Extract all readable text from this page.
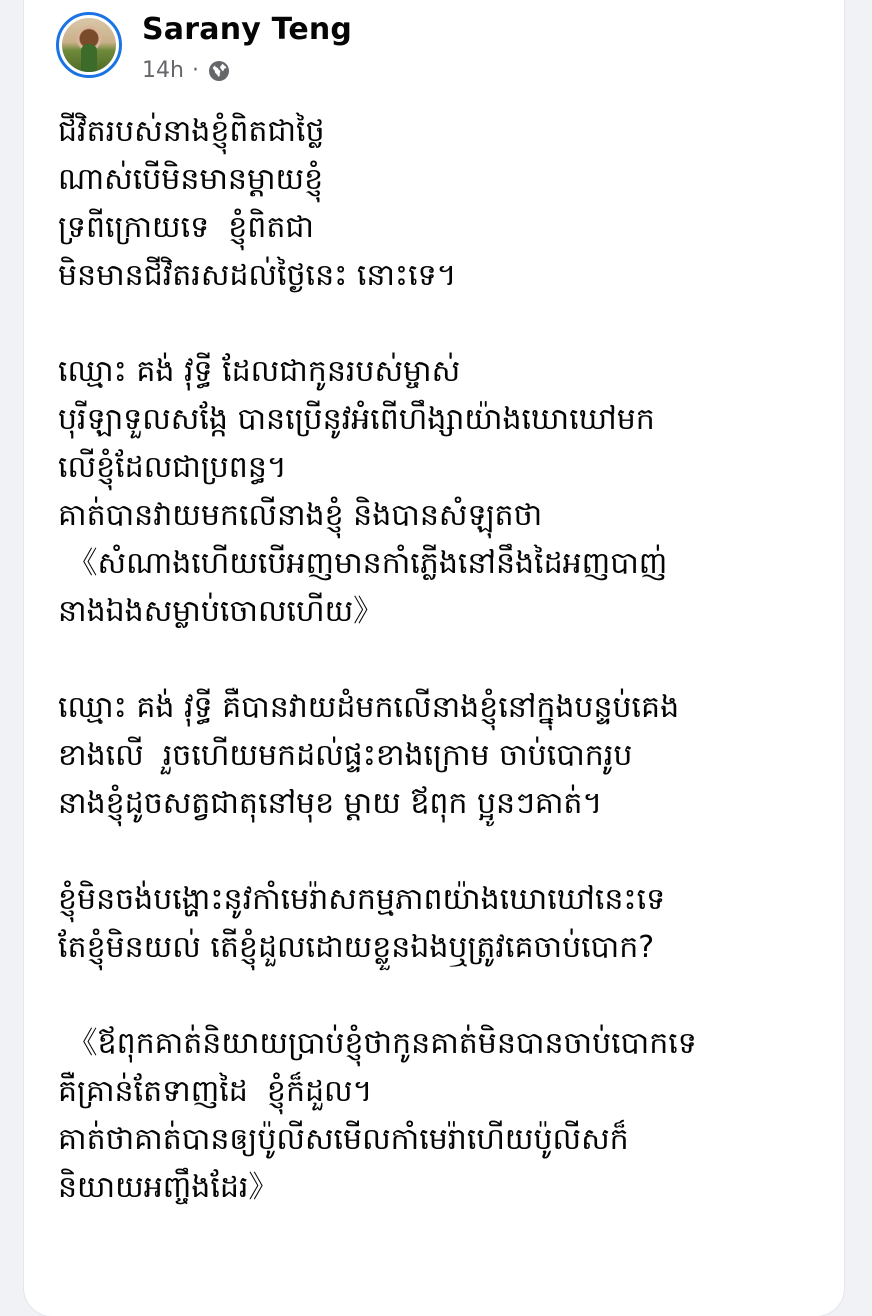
Sarany Teng
14h ·
ជីវិតរបស់នាងខ្ញុំពិតជាថ្លៃ
ណាស់បើមិនមានម្ដាយខ្ញុំ
ទ្រពីក្រោយទេ  ខ្ញុំពិតជា
មិនមានជីវិតរសដល់ថ្ងៃនេះ នោះទេ។
ឈ្មោះ គង់ វុទ្ធី ដែលជាកូនរបស់ម្ចាស់
បុរីឡាទួលសង្កែ បានប្រើនូវអំពើហឹង្សាយ៉ាងឃោឃៅមក
លើខ្ញុំដែលជាប្រពន្ធ។
គាត់បានវាយមកលើនាងខ្ញុំ និងបានសំឡុតថា
《សំណាងហើយបើអញមានកាំភ្លើងនៅនឹងដៃអញបាញ់
នាងឯងសម្លាប់ចោលហើយ》
ឈ្មោះ គង់ វុទ្ធី គឺបានវាយដំមកលើនាងខ្ញុំនៅក្នុងបន្ទប់គេង
ខាងលើ  រួចហើយមកដល់ផ្ទះខាងក្រោម ចាប់បោករូប
នាងខ្ញុំដូចសត្វជាតុនៅមុខ ម្ដាយ ឪពុក ប្អូនៗគាត់។
ខ្ញុំមិនចង់បង្ហោះនូវកាំមេរ៉ាសកម្មភាពយ៉ាងឃោឃៅនេះទេ
តែខ្ញុំមិនយល់ តើខ្ញុំដួលដោយខ្លួនឯងឬត្រូវគេចាប់បោក?
《ឪពុកគាត់និយាយប្រាប់ខ្ញុំថាកូនគាត់មិនបានចាប់បោកទេ
គឺគ្រាន់តែទាញដៃ  ខ្ញុំក៏ដួល។
គាត់ថាគាត់បានឲ្យប៉ូលីសមើលកាំមេរ៉ាហើយប៉ូលីសក៏
និយាយអញ្ចឹងដែរ》
